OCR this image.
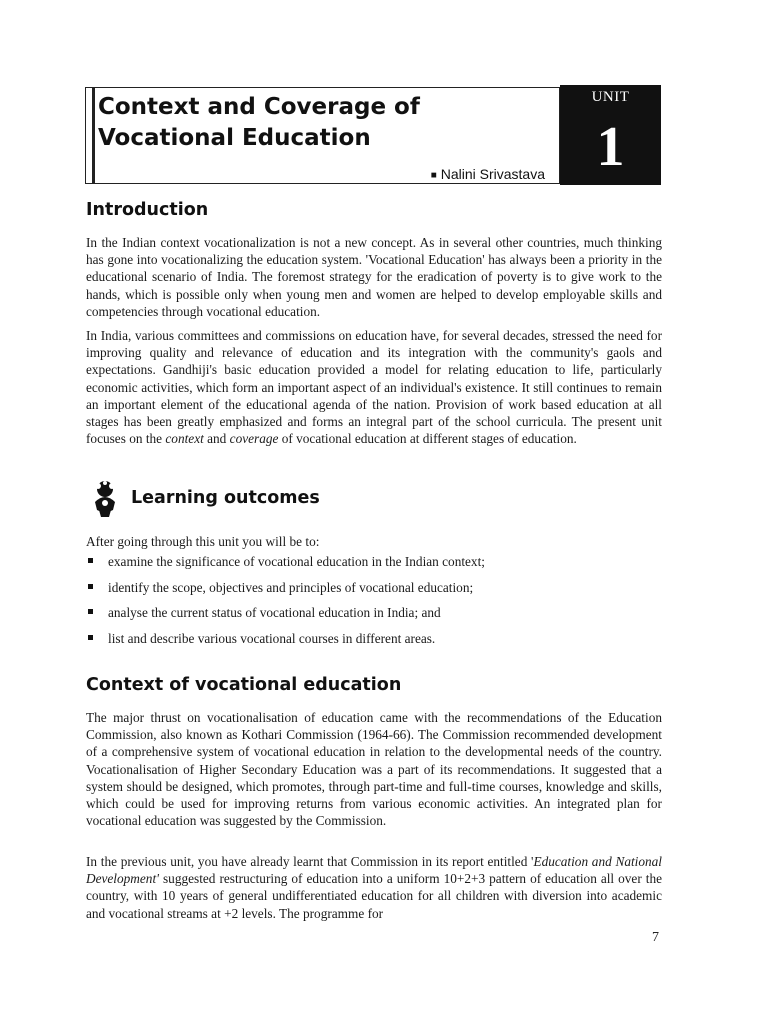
Context and Coverage of
Vocational Education
■ Nalini Srivastava
UNIT
1
Introduction

In the Indian context vocationalization is not a new concept. As in several other countries, much thinking has gone into vocationalizing the education system. 'Vocational Education' has always been a priority in the educational scenario of India. The foremost strategy for the eradication of poverty is to give work to the hands, which is possible only when young men and women are helped to develop employable skills and competencies through vocational education.

In India, various committees and commissions on education have, for several decades, stressed the need for improving quality and relevance of education and its integration with the community's gaols and expectations. Gandhiji's basic education provided a model for relating education to life, particularly economic activities, which form an important aspect of an individual's existence. It still continues to remain an important element of the educational agenda of the nation. Provision of work based education at all stages has been greatly emphasized and forms an integral part of the school curricula. The present unit focuses on the context and coverage of vocational education at different stages of education.

Learning outcomes

After going through this unit you will be to:

examine the significance of vocational education in the Indian context;
identify the scope, objectives and principles of vocational education;
analyse the current status of vocational education in India; and
list and describe various vocational courses in different areas.
Context of vocational education

The major thrust on vocationalisation of education came with the recommendations of the Education Commission, also known as Kothari Commission (1964-66). The Commission recommended development of a comprehensive system of vocational education in relation to the developmental needs of the country. Vocationalisation of Higher Secondary Education was a part of its recommendations. It suggested that a system should be designed, which promotes, through part-time and full-time courses, knowledge and skills, which could be used for improving returns from various economic activities. An integrated plan for vocational education was suggested by the Commission.

In the previous unit, you have already learnt that Commission in its report entitled 'Education and National Development' suggested restructuring of education into a uniform 10+2+3 pattern of education all over the country, with 10 years of general undifferentiated education for all children with diversion into academic and vocational streams at +2 levels. The programme for

7
